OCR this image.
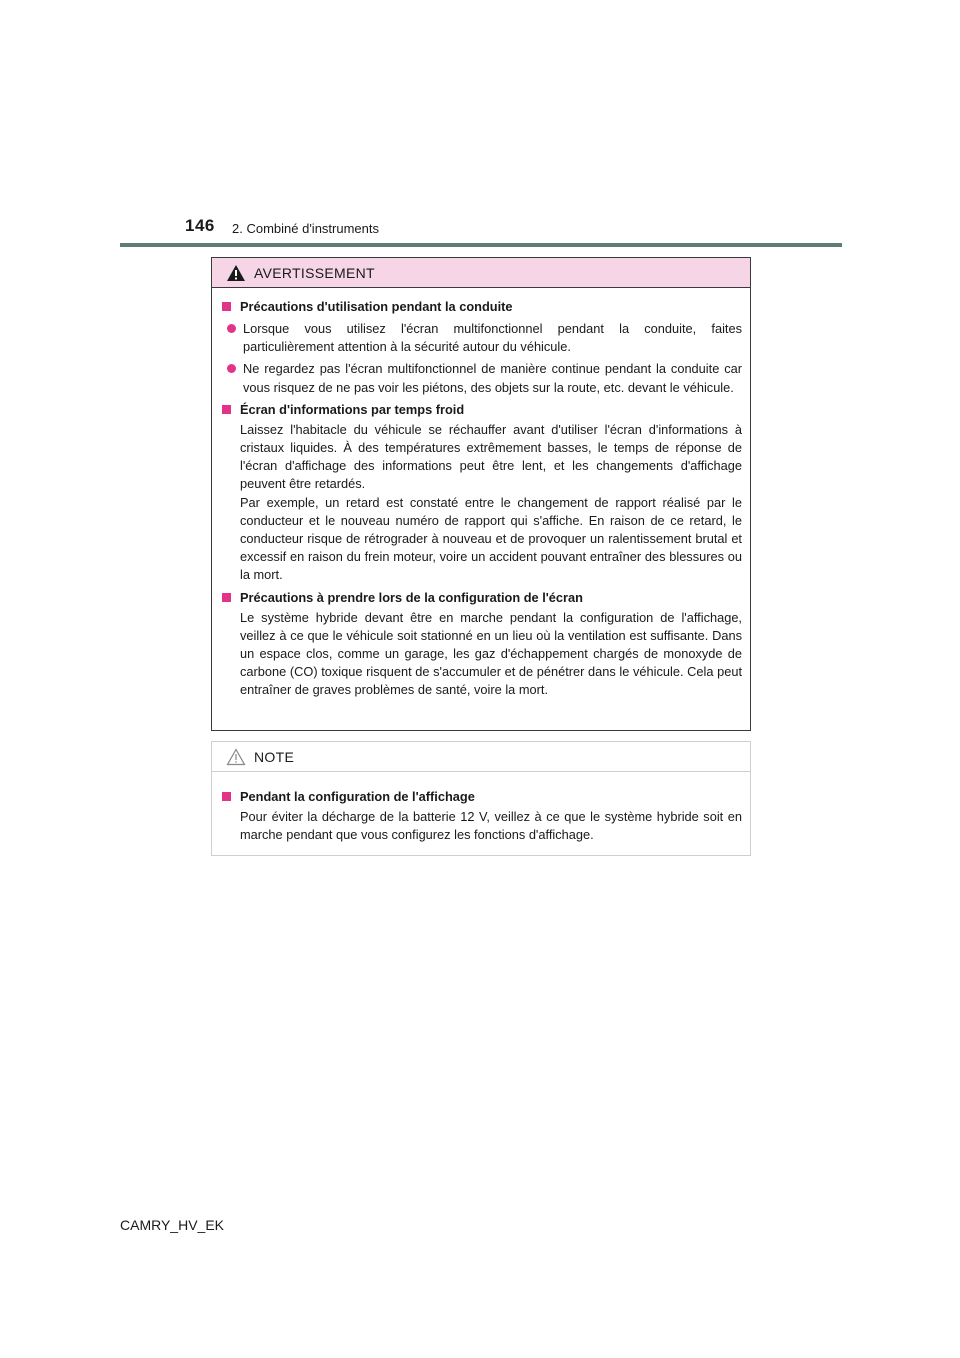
146 2. Combiné d'instruments
AVERTISSEMENT
Précautions d'utilisation pendant la conduite
Lorsque vous utilisez l'écran multifonctionnel pendant la conduite, faites particulièrement attention à la sécurité autour du véhicule.
Ne regardez pas l'écran multifonctionnel de manière continue pendant la conduite car vous risquez de ne pas voir les piétons, des objets sur la route, etc. devant le véhicule.
Écran d'informations par temps froid
Laissez l'habitacle du véhicule se réchauffer avant d'utiliser l'écran d'informations à cristaux liquides. À des températures extrêmement basses, le temps de réponse de l'écran d'affichage des informations peut être lent, et les changements d'affichage peuvent être retardés.
Par exemple, un retard est constaté entre le changement de rapport réalisé par le conducteur et le nouveau numéro de rapport qui s'affiche. En raison de ce retard, le conducteur risque de rétrograder à nouveau et de provoquer un ralentissement brutal et excessif en raison du frein moteur, voire un accident pouvant entraîner des blessures ou la mort.
Précautions à prendre lors de la configuration de l'écran
Le système hybride devant être en marche pendant la configuration de l'affichage, veillez à ce que le véhicule soit stationné en un lieu où la ventilation est suffisante. Dans un espace clos, comme un garage, les gaz d'échappement chargés de monoxyde de carbone (CO) toxique risquent de s'accumuler et de pénétrer dans le véhicule. Cela peut entraîner de graves problèmes de santé, voire la mort.
NOTE
Pendant la configuration de l'affichage
Pour éviter la décharge de la batterie 12 V, veillez à ce que le système hybride soit en marche pendant que vous configurez les fonctions d'affichage.
CAMRY_HV_EK
